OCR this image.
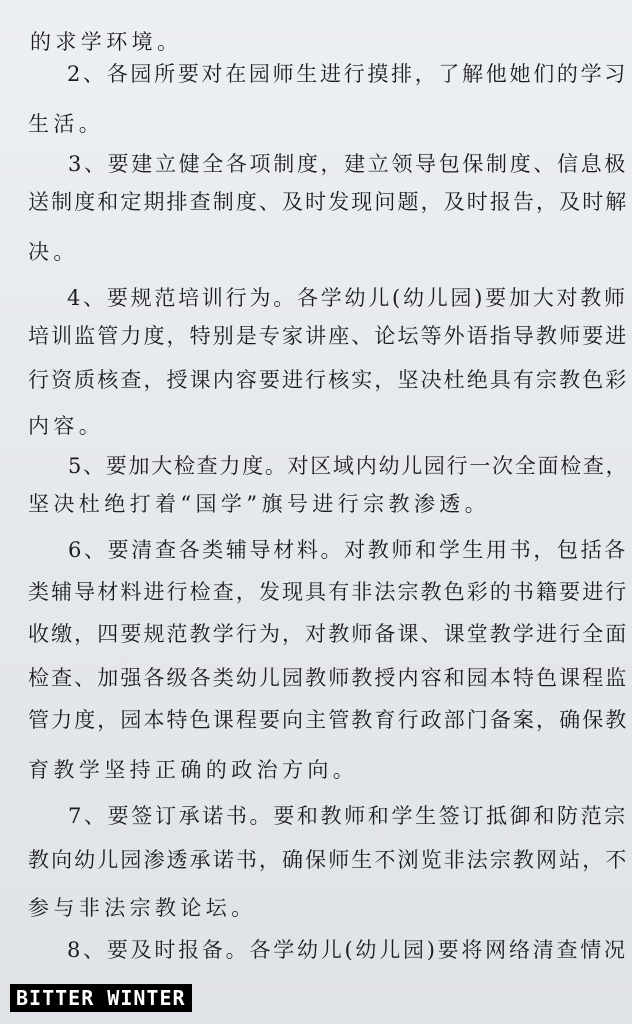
的求学环境。
2、各园所要对在园师生进行摸排，了解他她们的学习
生活。
3、要建立健全各项制度，建立领导包保制度、信息极
送制度和定期排查制度、及时发现问题，及时报告，及时解
决。
4、要规范培训行为。各学幼儿(幼儿园)要加大对教师
培训监管力度，特别是专家讲座、论坛等外语指导教师要进
行资质核查，授课内容要进行核实，坚决杜绝具有宗教色彩
内容。
5、要加大检查力度。对区域内幼儿园行一次全面检查，
坚决杜绝打着“国学”旗号进行宗教渗透。
6、要清查各类辅导材料。对教师和学生用书，包括各
类辅导材料进行检查，发现具有非法宗教色彩的书籍要进行
收缴，四要规范教学行为，对教师备课、课堂教学进行全面
检查、加强各级各类幼儿园教师教授内容和园本特色课程监
管力度，园本特色课程要向主管教育行政部门备案，确保教
育教学坚持正确的政治方向。
7、要签订承诺书。要和教师和学生签订抵御和防范宗
教向幼儿园渗透承诺书，确保师生不浏览非法宗教网站，不
参与非法宗教论坛。
8、要及时报备。各学幼儿(幼儿园)要将网络清查情况
BITTER WINTER
